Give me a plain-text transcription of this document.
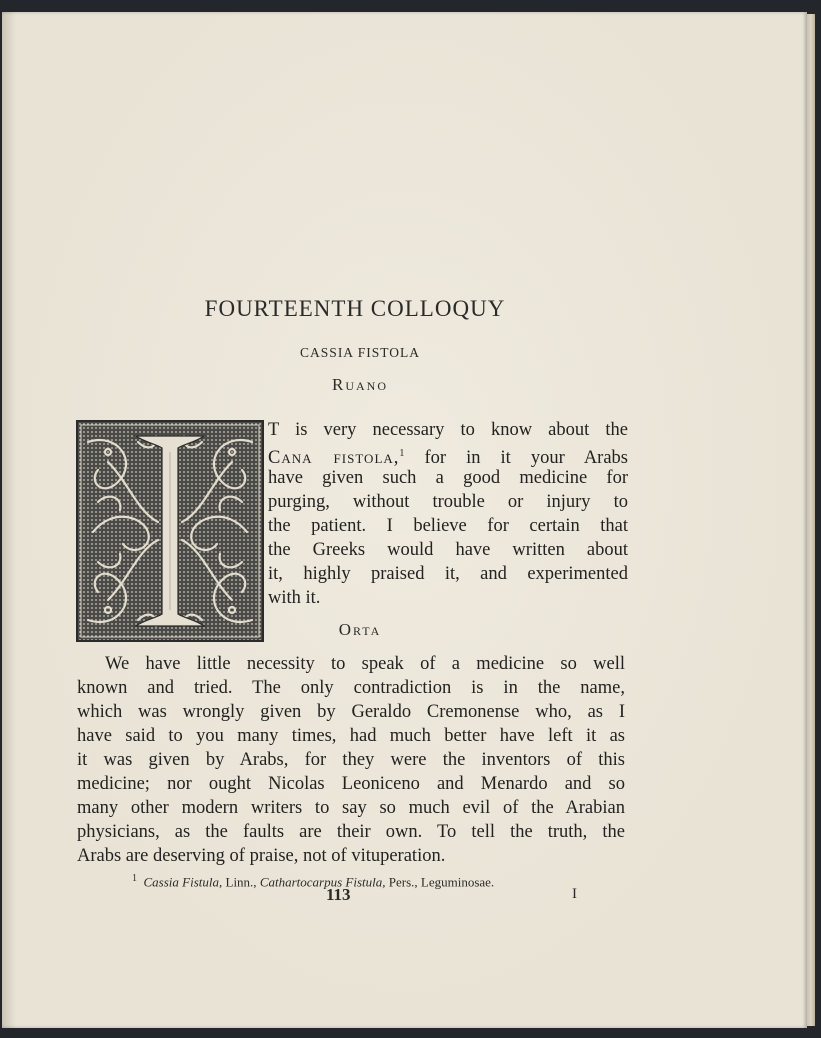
FOURTEENTH COLLOQUY
CASSIA FISTOLA
Ruano
T is very necessary to know about the
Cana fistola,$^1$ for in it your Arabs
have given such a good medicine for
purging, without trouble or injury to
the patient. I believe for certain that
the Greeks would have written about
it, highly praised it, and experimented
with it.
Orta
We have little necessity to speak of a medicine so well
known and tried. The only contradiction is in the name,
which was wrongly given by Geraldo Cremonense who, as I
have said to you many times, had much better have left it as
it was given by Arabs, for they were the inventors of this
medicine; nor ought Nicolas Leoniceno and Menardo and so
many other modern writers to say so much evil of the Arabian
physicians, as the faults are their own. To tell the truth, the
Arabs are deserving of praise, not of vituperation.
$^1$ Cassia Fistula, Linn., Cathartocarpus Fistula, Pers., Leguminosae.
113	I
